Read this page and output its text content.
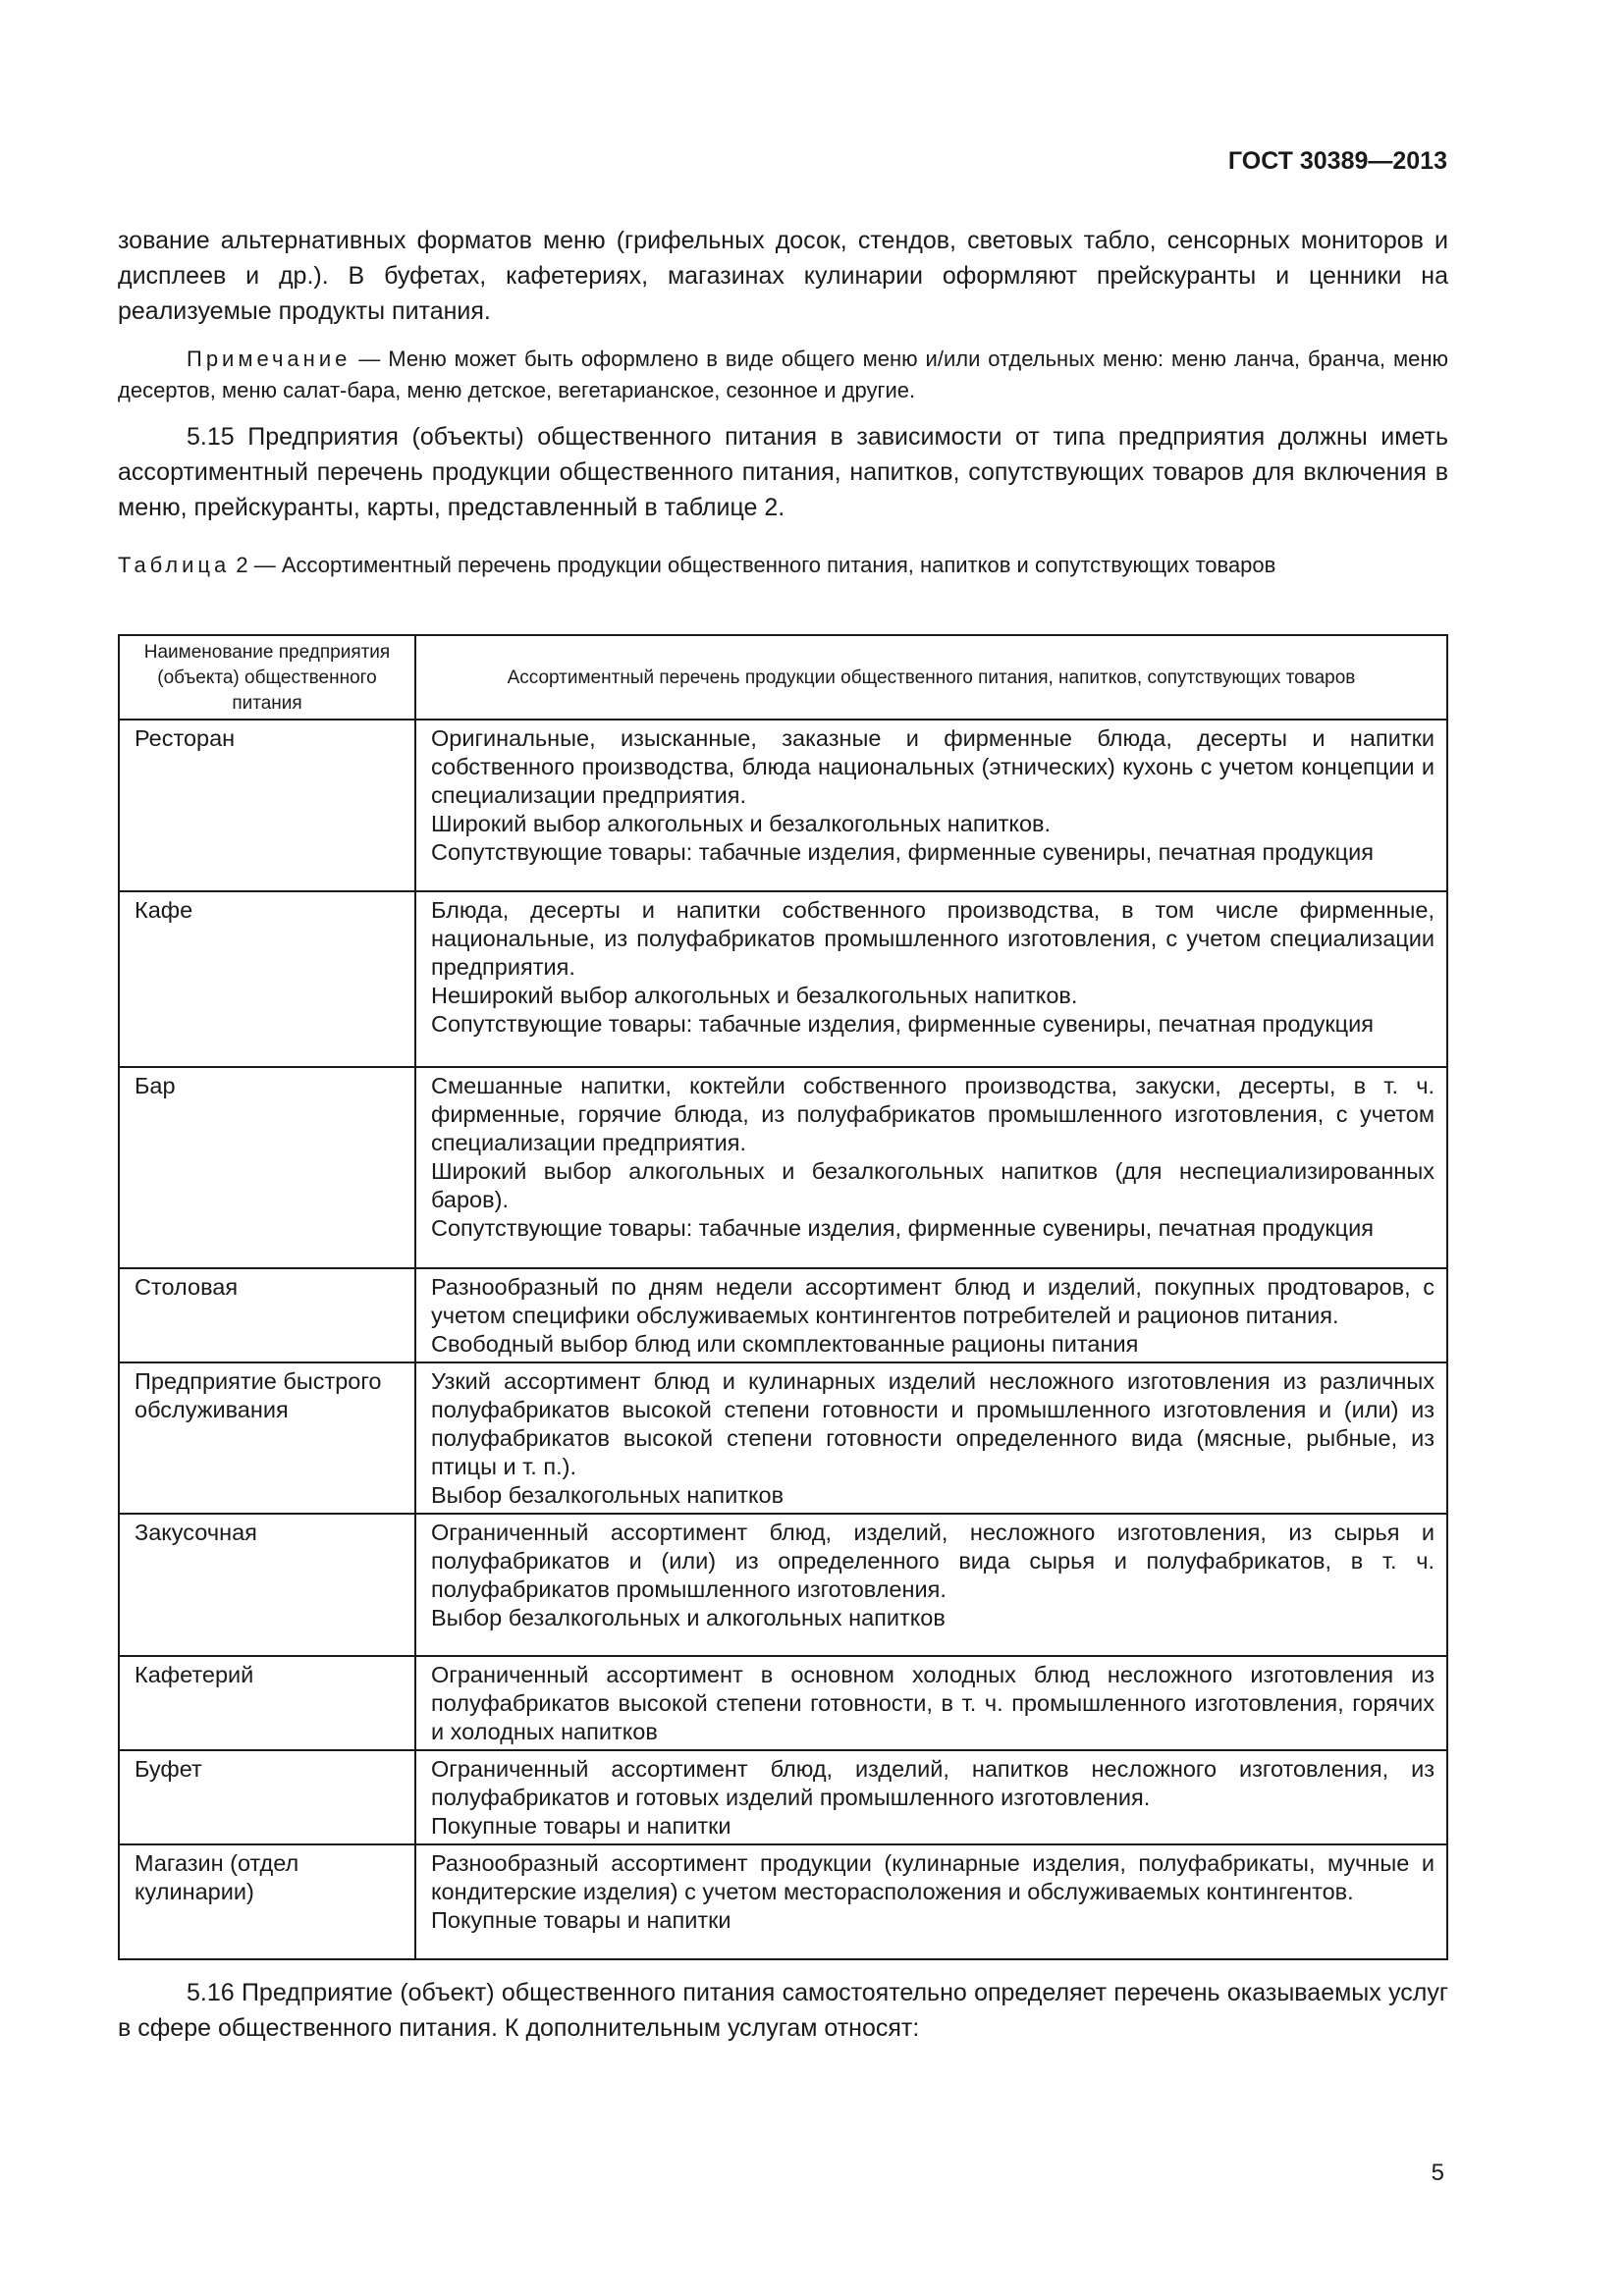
ГОСТ 30389—2013

зование альтернативных форматов меню (грифельных досок, стендов, световых табло, сенсорных мониторов и дисплеев и др.). В буфетах, кафетериях, магазинах кулинарии оформляют прейскуранты и ценники на реализуемые продукты питания.

Примечание — Меню может быть оформлено в виде общего меню и/или отдельных меню: меню ланча, бранча, меню десертов, меню салат-бара, меню детское, вегетарианское, сезонное и другие.

5.15 Предприятия (объекты) общественного питания в зависимости от типа предприятия должны иметь ассортиментный перечень продукции общественного питания, напитков, сопутствующих товаров для включения в меню, прейскуранты, карты, представленный в таблице 2.

Таблица 2 — Ассортиментный перечень продукции общественного питания, напитков и сопутствующих товаров

Наименование предприятия (объекта) общественного питания	Ассортиментный перечень продукции общественного питания, напитков, сопутствующих товаров
Ресторан	Оригинальные, изысканные, заказные и фирменные блюда, десерты и напитки собственного производства, блюда национальных (этнических) кухонь с учетом концепции и специализации предприятия.
Широкий выбор алкогольных и безалкогольных напитков.
Сопутствующие товары: табачные изделия, фирменные сувениры, печатная продукция

Кафе	Блюда, десерты и напитки собственного производства, в том числе фирменные, национальные, из полуфабрикатов промышленного изготовления, с учетом специализации предприятия.
Неширокий выбор алкогольных и безалкогольных напитков.
Сопутствующие товары: табачные изделия, фирменные сувениры, печатная продукция

Бар	Смешанные напитки, коктейли собственного производства, закуски, десерты, в т. ч. фирменные, горячие блюда, из полуфабрикатов промышленного изготовления, с учетом специализации предприятия.
Широкий выбор алкогольных и безалкогольных напитков (для неспециализированных баров).
Сопутствующие товары: табачные изделия, фирменные сувениры, печатная продукция

Столовая	Разнообразный по дням недели ассортимент блюд и изделий, покупных продтоваров, с учетом специфики обслуживаемых контингентов потребителей и рационов питания.
Свободный выбор блюд или скомплектованные рационы питания

Предприятие быстрого обслуживания	Узкий ассортимент блюд и кулинарных изделий несложного изготовления из различных полуфабрикатов высокой степени готовности и промышленного изготовления и (или) из полуфабрикатов высокой степени готовности определенного вида (мясные, рыбные, из птицы и т. п.).
Выбор безалкогольных напитков

Закусочная	Ограниченный ассортимент блюд, изделий, несложного изготовления, из сырья и полуфабрикатов и (или) из определенного вида сырья и полуфабрикатов, в т. ч. полуфабрикатов промышленного изготовления.
Выбор безалкогольных и алкогольных напитков

Кафетерий	Ограниченный ассортимент в основном холодных блюд несложного изготовления из полуфабрикатов высокой степени готовности, в т. ч. промышленного изготовления, горячих и холодных напитков

Буфет	Ограниченный ассортимент блюд, изделий, напитков несложного изготовления, из полуфабрикатов и готовых изделий промышленного изготовления.
Покупные товары и напитки

Магазин (отдел кулинарии)	Разнообразный ассортимент продукции (кулинарные изделия, полуфабрикаты, мучные и кондитерские изделия) с учетом месторасположения и обслуживаемых контингентов.
Покупные товары и напитки

5.16 Предприятие (объект) общественного питания самостоятельно определяет перечень оказываемых услуг в сфере общественного питания. К дополнительным услугам относят:

5
